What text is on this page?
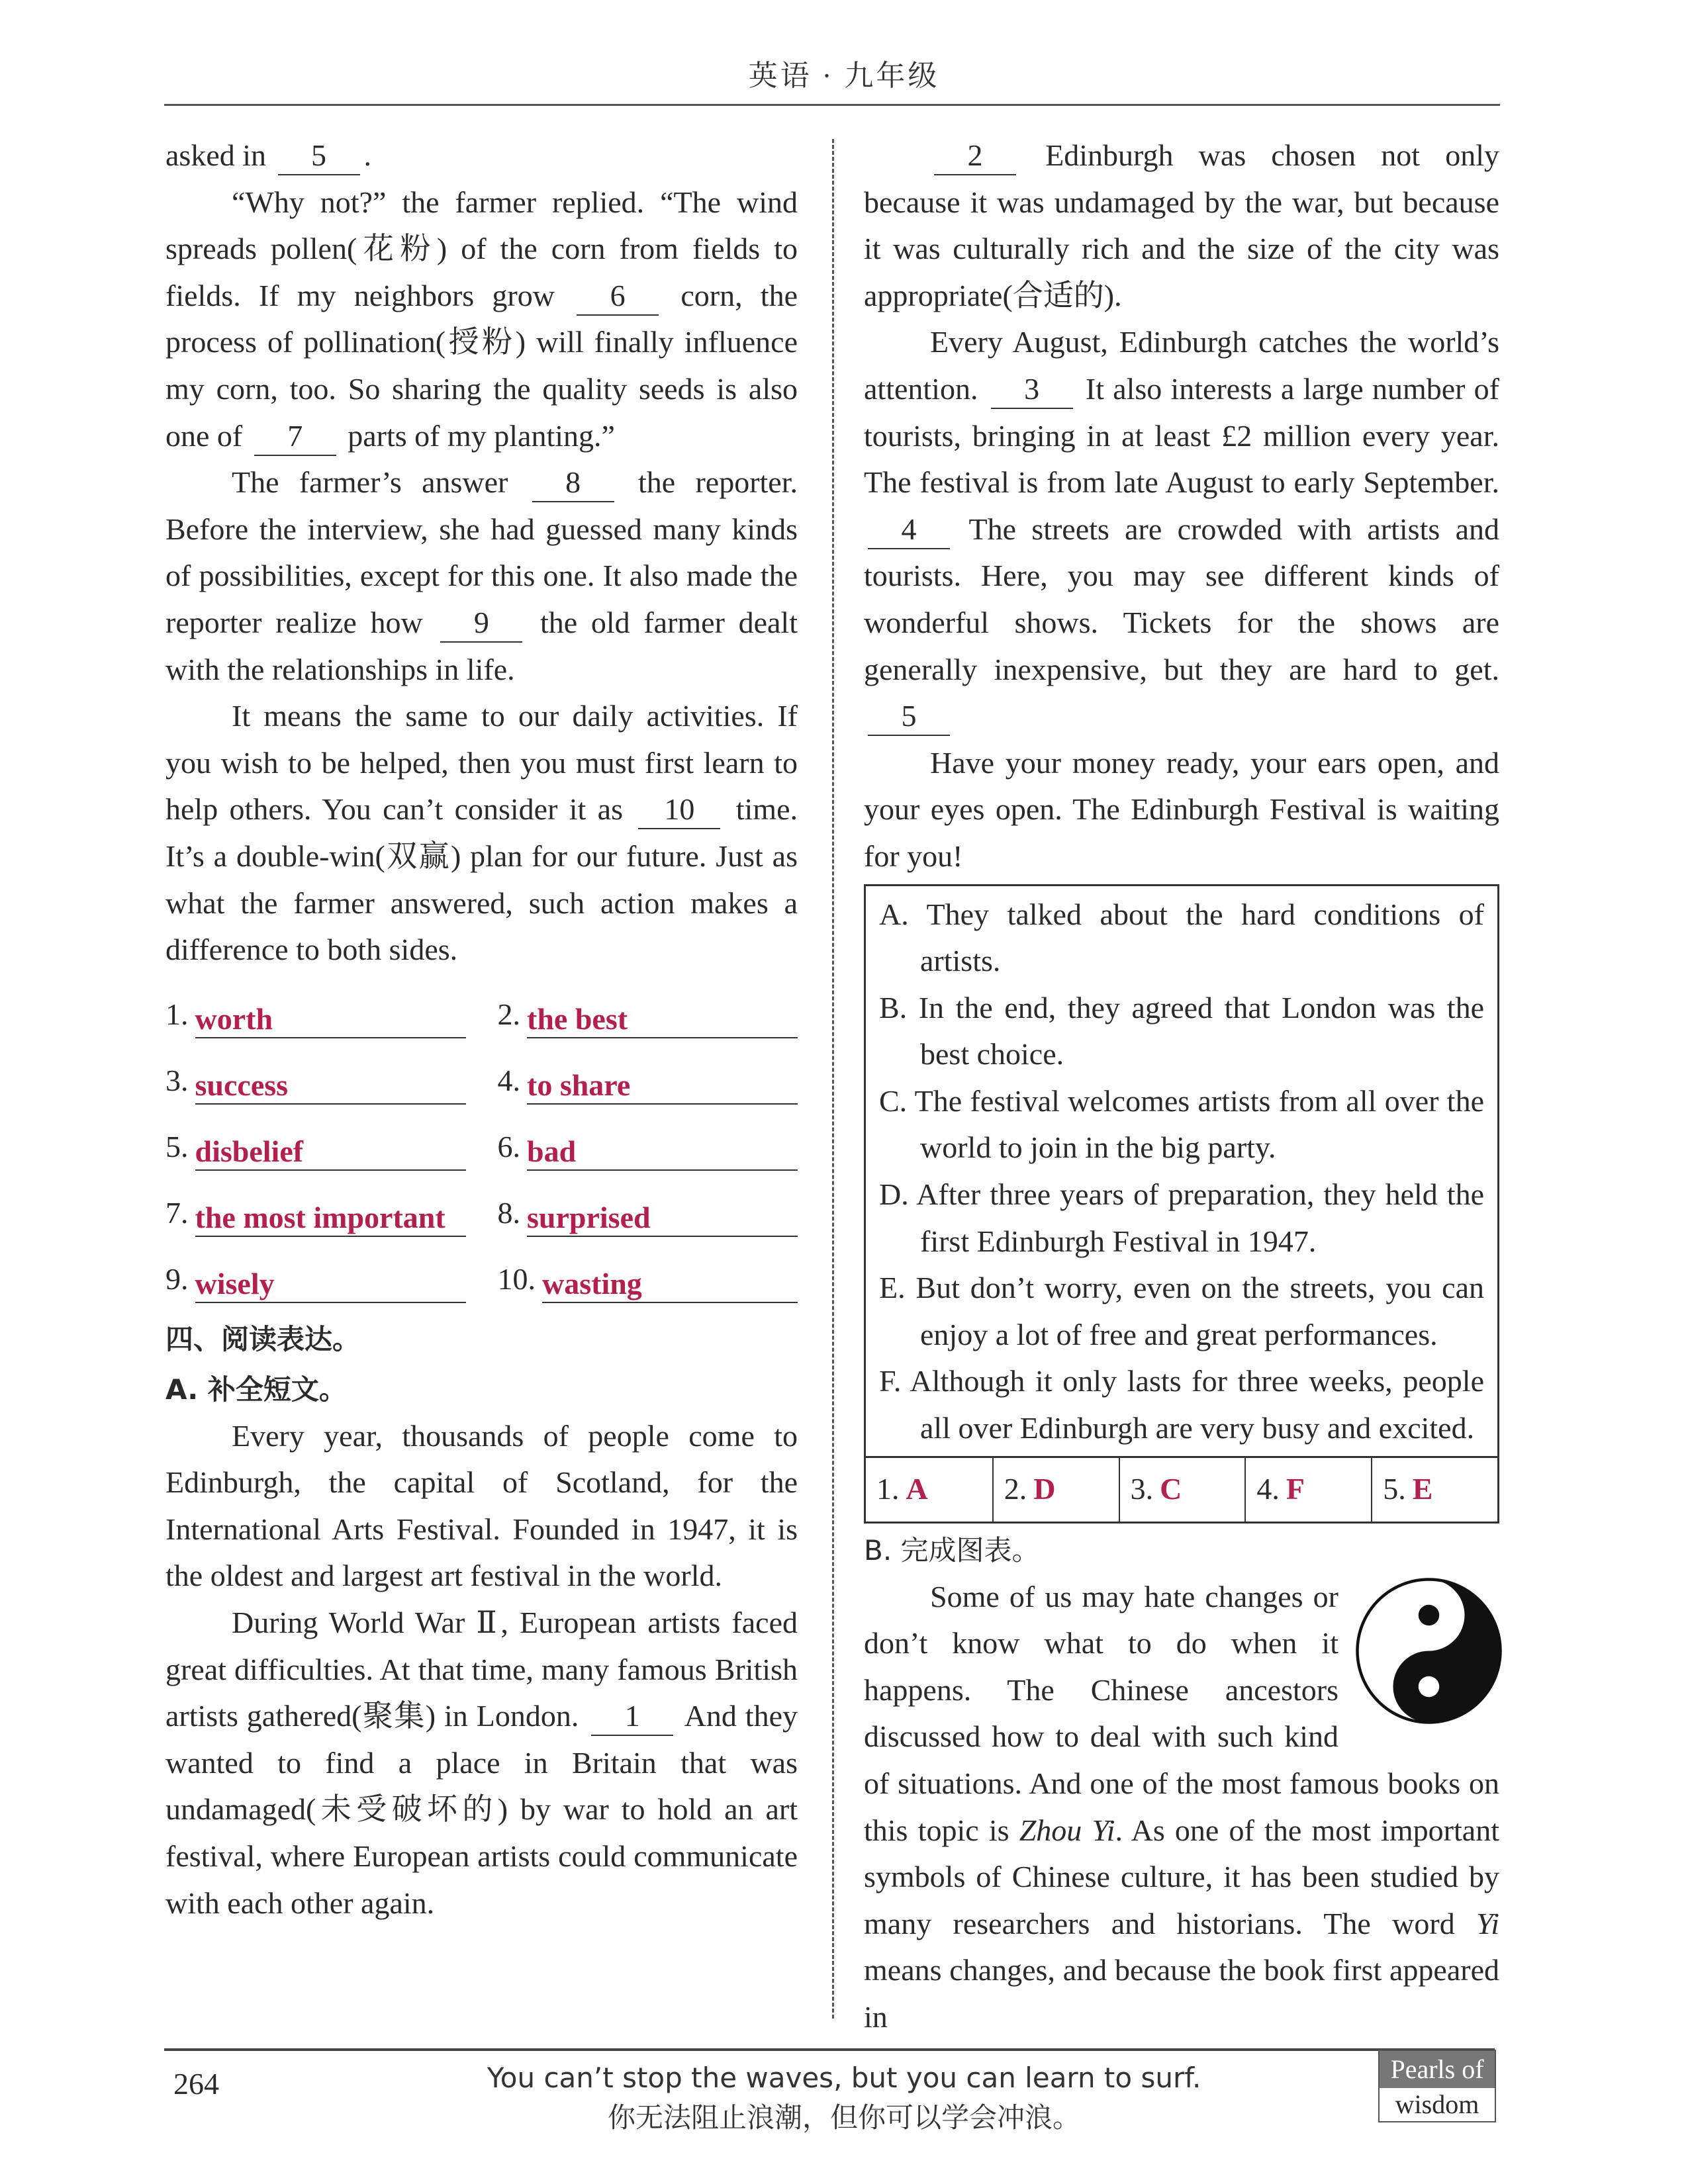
英语 · 九年级
asked in 5 .
“Why not?” the farmer replied. “The wind spreads pollen(花粉) of the corn from fields to fields. If my neighbors grow 6 corn, the process of pollination(授粉) will finally influence my corn, too. So sharing the quality seeds is also one of 7 parts of my planting.”
The farmer’s answer 8 the reporter. Before the interview, she had guessed many kinds of possibilities, except for this one. It also made the reporter realize how 9 the old farmer dealt with the relationships in life.
It means the same to our daily activities. If you wish to be helped, then you must first learn to help others. You can’t consider it as 10 time. It’s a double-win(双赢) plan for our future. Just as what the farmer answered, such action makes a difference to both sides.
1. worth	2. the best
3. success	4. to share
5. disbelief	6. bad
7. the most important	8. surprised
9. wisely	10. wasting
四、阅读表达。
A. 补全短文。
Every year, thousands of people come to Edinburgh, the capital of Scotland, for the International Arts Festival. Founded in 1947, it is the oldest and largest art festival in the world.
During World War Ⅱ, European artists faced great difficulties. At that time, many famous British artists gathered(聚集) in London. 1 And they wanted to find a place in Britain that was undamaged(未受破坏的) by war to hold an art festival, where European artists could communicate with each other again.
2 Edinburgh was chosen not only because it was undamaged by the war, but because it was culturally rich and the size of the city was appropriate(合适的).
Every August, Edinburgh catches the world’s attention. 3 It also interests a large number of tourists, bringing in at least £2 million every year. The festival is from late August to early September. 4 The streets are crowded with artists and tourists. Here, you may see different kinds of wonderful shows. Tickets for the shows are generally inexpensive, but they are hard to get. 5
Have your money ready, your ears open, and your eyes open. The Edinburgh Festival is waiting for you!
A. They talked about the hard conditions of artists.
B. In the end, they agreed that London was the best choice.
C. The festival welcomes artists from all over the world to join in the big party.
D. After three years of preparation, they held the first Edinburgh Festival in 1947.
E. But don’t worry, even on the streets, you can enjoy a lot of free and great performances.
F. Although it only lasts for three weeks, people all over Edinburgh are very busy and excited.
1. A	2. D 3. C 4. F	5. E
B. 完成图表。
Some of us may hate changes or don’t know what to do when it happens. The Chinese ancestors discussed how to deal with such kind of situations. And one of the most famous books on this topic is Zhou Yi. As one of the most important symbols of Chinese culture, it has been studied by many researchers and historians. The word Yi means changes, and because the book first appeared in
264	You can’t stop the waves, but you can learn to surf.
你无法阻止浪潮，但你可以学会冲浪。
Pearls of
wisdom
